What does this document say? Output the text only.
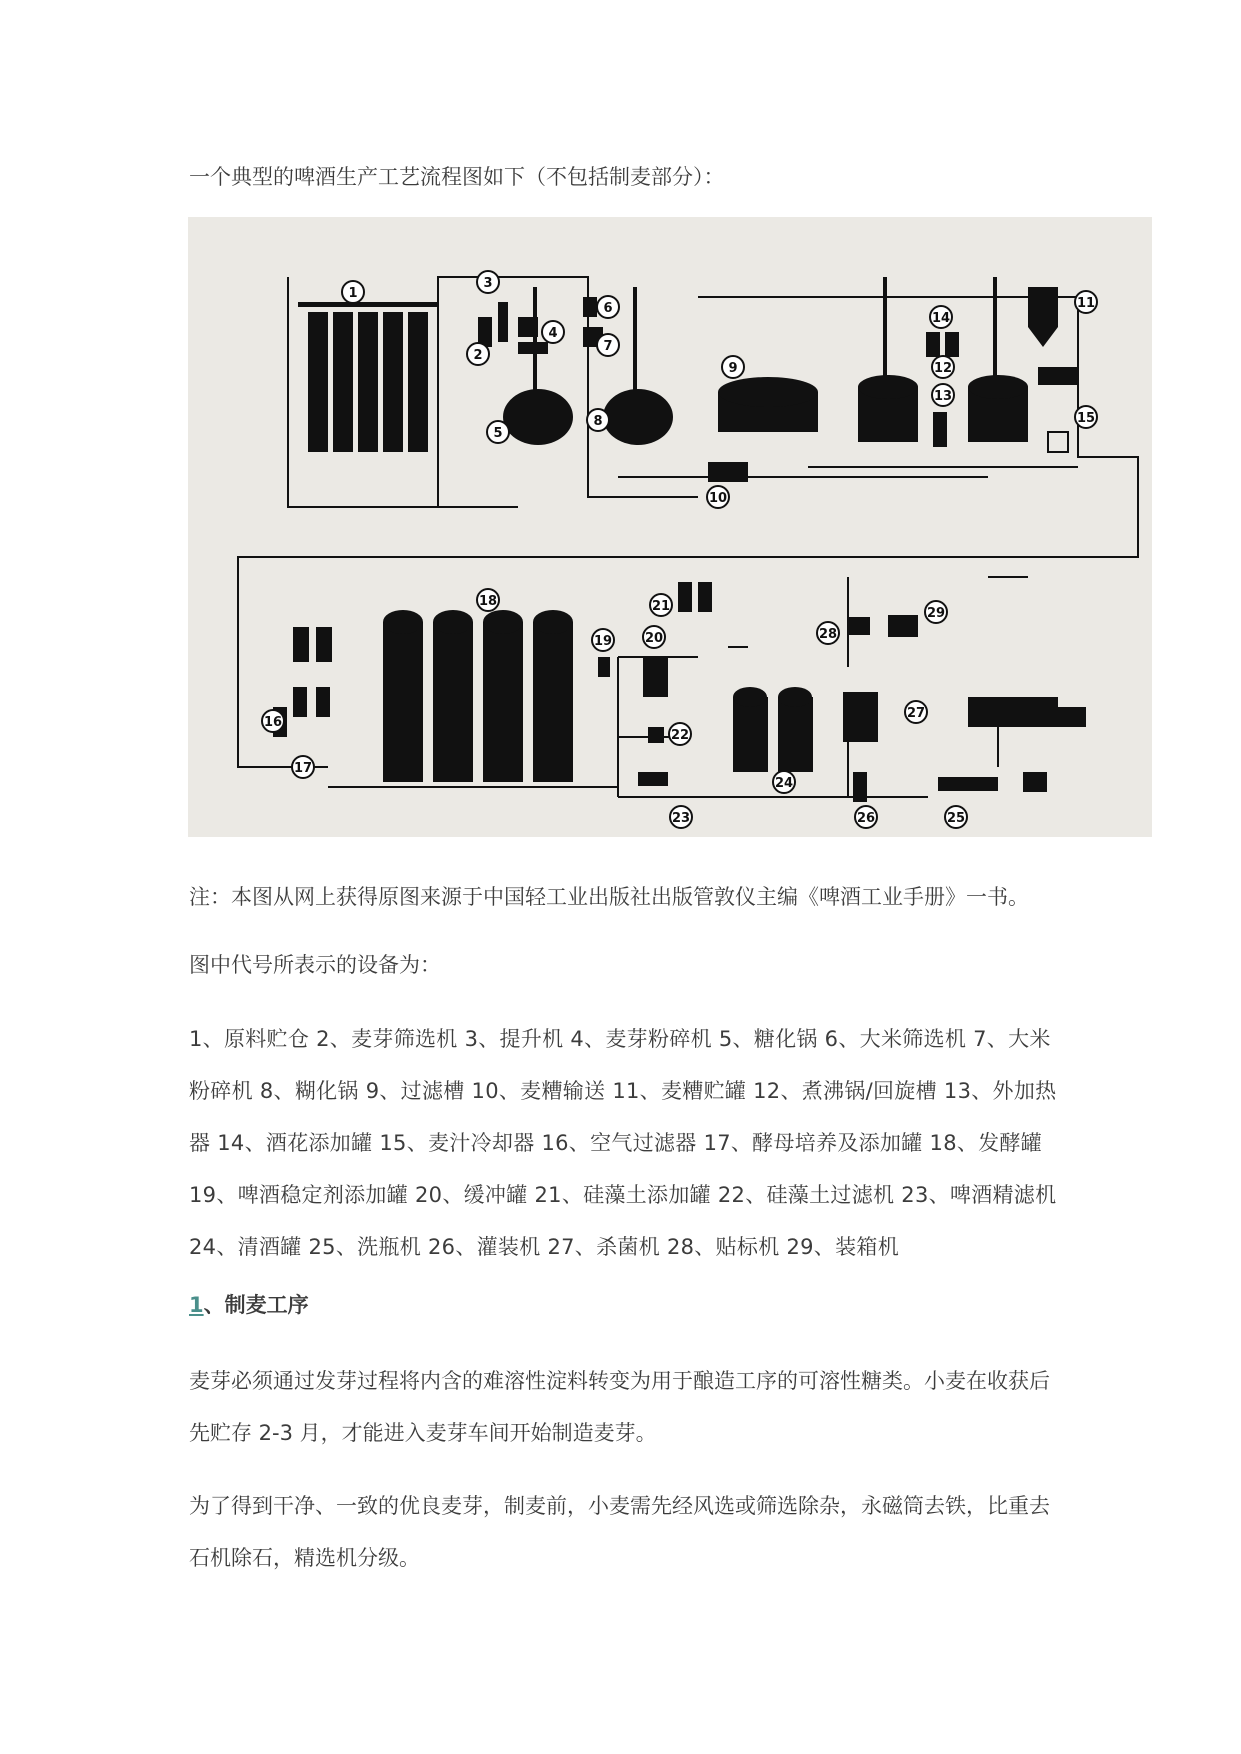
一个典型的啤酒生产工艺流程图如下（不包括制麦部分）：
1
2
3
4
5
6
7
8
9
10
11
12
13
14
15
16
17
18
19	20
21
22
23
24
25
26
27
28
29
注：本图从网上获得原图来源于中国轻工业出版社出版管敦仪主编《啤酒工业手册》一书。
图中代号所表示的设备为：
1、原料贮仓 2、麦芽筛选机 3、提升机 4、麦芽粉碎机 5、糖化锅 6、大米筛选机 7、大米粉碎机 8、糊化锅 9、过滤槽 10、麦糟输送 11、麦糟贮罐 12、煮沸锅/回旋槽 13、外加热器 14、酒花添加罐 15、麦汁冷却器 16、空气过滤器 17、酵母培养及添加罐 18、发酵罐 19、啤酒稳定剂添加罐 20、缓冲罐 21、硅藻土添加罐 22、硅藻土过滤机 23、啤酒精滤机 24、清酒罐 25、洗瓶机 26、灌装机 27、杀菌机 28、贴标机 29、装箱机
1、制麦工序
麦芽必须通过发芽过程将内含的难溶性淀料转变为用于酿造工序的可溶性糖类。小麦在收获后先贮存 2-3 月，才能进入麦芽车间开始制造麦芽。
为了得到干净、一致的优良麦芽，制麦前，小麦需先经风选或筛选除杂，永磁筒去铁，比重去石机除石，精选机分级。
